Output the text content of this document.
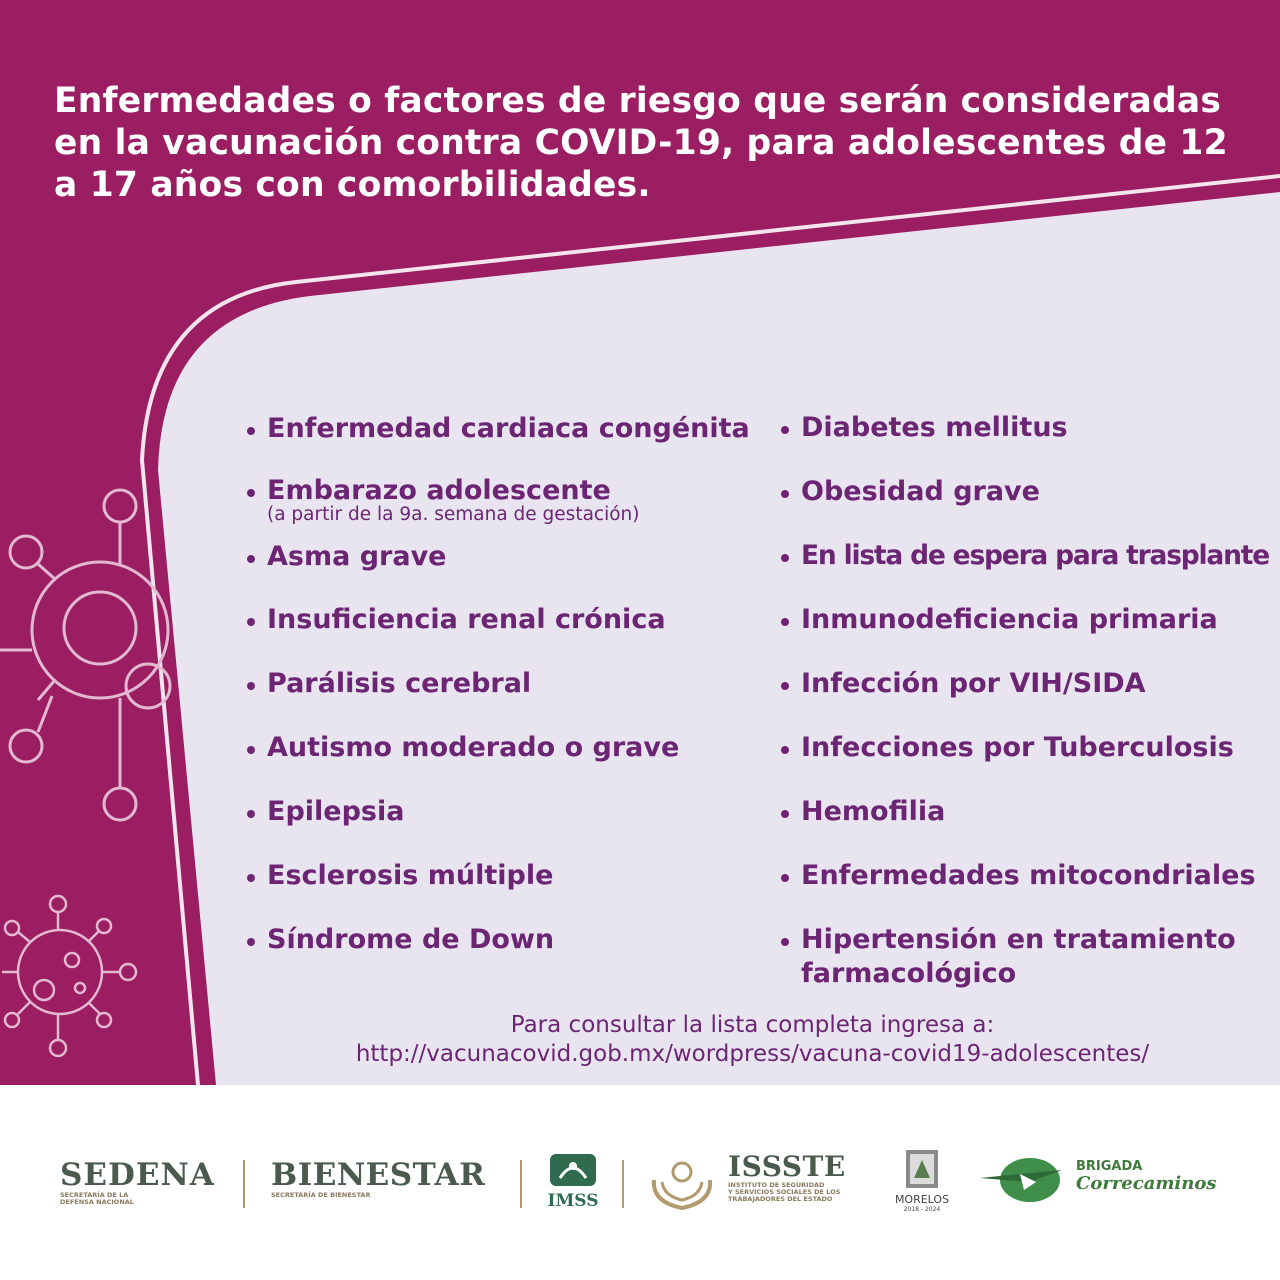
Enfermedades o factores de riesgo que serán consideradas en la vacunación contra COVID-19, para adolescentes de 12 a 17 años con comorbilidades.
Enfermedad cardiaca congénita
Embarazo adolescente
(a partir de la 9a. semana de gestación)
Asma grave
Insuficiencia renal crónica
Parálisis cerebral
Autismo moderado o grave
Epilepsia
Esclerosis múltiple
Síndrome de Down
Diabetes mellitus
Obesidad grave
En lista de espera para trasplante
Inmunodeficiencia primaria
Infección por VIH/SIDA
Infecciones por Tuberculosis
Hemofilia
Enfermedades mitocondriales
Hipertensión en tratamiento
farmacológico
Para consultar la lista completa ingresa a:
http://vacunacovid.gob.mx/wordpress/vacuna-covid19-adolescentes/
SEDENA
SECRETARÍA DE LA
DEFENSA NACIONAL
BIENESTAR
SECRETARÍA DE BIENESTAR	IMSS
ISSSTE
INSTITUTO DE SEGURIDAD
Y SERVICIOS SOCIALES DE LOS
TRABAJADORES DEL ESTADO	MORELOS
2018 - 2024
BRIGADA
Correcaminos
